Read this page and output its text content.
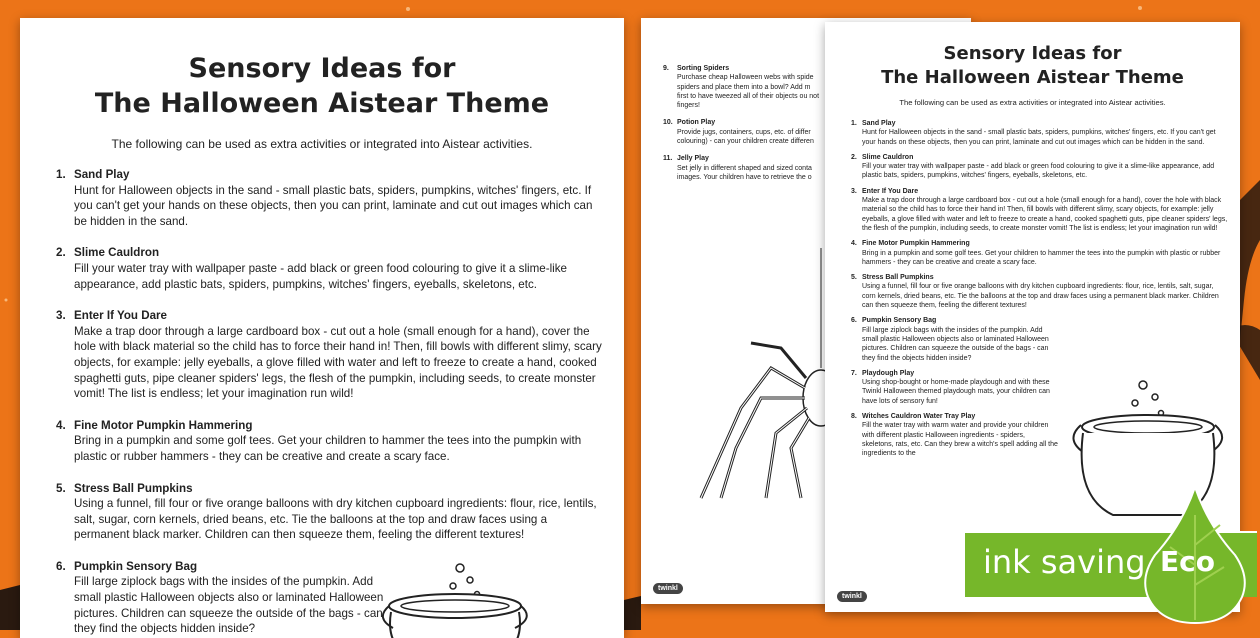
Sensory Ideas for
The Halloween Aistear Theme
The following can be used as extra activities or integrated into Aistear activities.
1. Sand Play
Hunt for Halloween objects in the sand - small plastic bats, spiders, pumpkins, witches' fingers, etc. If you can't get your hands on these objects, then you can print, laminate and cut out images which can be hidden in the sand.
2. Slime Cauldron
Fill your water tray with wallpaper paste - add black or green food colouring to give it a slime-like appearance, add plastic bats, spiders, pumpkins, witches' fingers, eyeballs, skeletons, etc.
3. Enter If You Dare
Make a trap door through a large cardboard box - cut out a hole (small enough for a hand), cover the hole with black material so the child has to force their hand in! Then, fill bowls with different slimy, scary objects, for example: jelly eyeballs, a glove filled with water and left to freeze to create a hand, cooked spaghetti guts, pipe cleaner spiders' legs, the flesh of the pumpkin, including seeds, to create monster vomit! The list is endless; let your imagination run wild!
4. Fine Motor Pumpkin Hammering
Bring in a pumpkin and some golf tees. Get your children to hammer the tees into the pumpkin with plastic or rubber hammers - they can be creative and create a scary face.
5. Stress Ball Pumpkins
Using a funnel, fill four or five orange balloons with dry kitchen cupboard ingredients: flour, rice, lentils, salt, sugar, corn kernels, dried beans, etc. Tie the balloons at the top and draw faces using a permanent black marker. Children can then squeeze them, feeling the different textures!
6. Pumpkin Sensory Bag
Fill large ziplock bags with the insides of the pumpkin. Add small plastic Halloween objects also or laminated Halloween pictures. Children can squeeze the outside of the bags - can they find the objects hidden inside?
9. Sorting Spiders
Purchase cheap Halloween webs with spide spiders and place them into a bowl? Add m first to have tweezed all of their objects ou not fingers!
10. Potion Play
Provide jugs, containers, cups, etc. of differ colouring) - can your children create differen
11. Jelly Play
Set jelly in different shaped and sized conta images. Your children have to retrieve the o
twinkl
Sensory Ideas for
The Halloween Aistear Theme
The following can be used as extra activities or integrated into Aistear activities.
1. Sand Play
Hunt for Halloween objects in the sand - small plastic bats, spiders, pumpkins, witches' fingers, etc. If you can't get your hands on these objects, then you can print, laminate and cut out images which can be hidden in the sand.
2. Slime Cauldron
Fill your water tray with wallpaper paste - add black or green food colouring to give it a slime-like appearance, add plastic bats, spiders, pumpkins, witches' fingers, eyeballs, skeletons, etc.
3. Enter If You Dare
Make a trap door through a large cardboard box - cut out a hole (small enough for a hand), cover the hole with black material so the child has to force their hand in! Then, fill bowls with different slimy, scary objects, for example: jelly eyeballs, a glove filled with water and left to freeze to create a hand, cooked spaghetti guts, pipe cleaner spiders' legs, the flesh of the pumpkin, including seeds, to create monster vomit! The list is endless; let your imagination run wild!
4. Fine Motor Pumpkin Hammering
Bring in a pumpkin and some golf tees. Get your children to hammer the tees into the pumpkin with plastic or rubber hammers - they can be creative and create a scary face.
5. Stress Ball Pumpkins
Using a funnel, fill four or five orange balloons with dry kitchen cupboard ingredients: flour, rice, lentils, salt, sugar, corn kernels, dried beans, etc. Tie the balloons at the top and draw faces using a permanent black marker. Children can then squeeze them, feeling the different textures!
6. Pumpkin Sensory Bag
Fill large ziplock bags with the insides of the pumpkin. Add small plastic Halloween objects also or laminated Halloween pictures. Children can squeeze the outside of the bags - can they find the objects hidden inside?
7. Playdough Play
Using shop-bought or home-made playdough and with these Twinkl Halloween themed playdough mats, your children can have lots of sensory fun!
8. Witches Cauldron Water Tray Play
Fill the water tray with warm water and provide your children with different plastic Halloween ingredients - spiders, skeletons, rats, etc. Can they brew a witch's spell adding all the ingredients to the
twinkl
ink saving Eco
